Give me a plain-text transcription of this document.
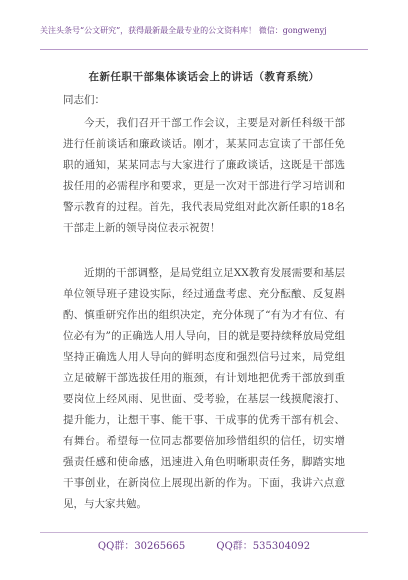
关注头条号“公文研究”，获得最新最全最专业的公文资料库！ 微信：gongwenyj
在新任职干部集体谈话会上的讲话（教育系统）
同志们：
今天，我们召开干部工作会议，主要是对新任科级干部进行任前谈话和廉政谈话。刚才，某某同志宣读了干部任免职的通知，某某同志与大家进行了廉政谈话，这既是干部选拔任用的必需程序和要求，更是一次对干部进行学习培训和警示教育的过程。首先，我代表局党组对此次新任职的18名干部走上新的领导岗位表示祝贺！
近期的干部调整，是局党组立足XX教育发展需要和基层单位领导班子建设实际，经过通盘考虑、充分酝酿、反复斟酌、慎重研究作出的组织决定，充分体现了“有为才有位、有位必有为”的正确选人用人导向，目的就是要持续释放局党组坚持正确选人用人导向的鲜明态度和强烈信号过来，局党组立足破解干部选拔任用的瓶颈，有计划地把优秀干部放到重要岗位上经风雨、见世面、受考验，在基层一线摸爬滚打、提升能力，让想干事、能干事、干成事的优秀干部有机会、有舞台。希望每一位同志都要倍加珍惜组织的信任，切实增强责任感和使命感，迅速进入角色明晰职责任务，脚踏实地干事创业，在新岗位上展现出新的作为。下面，我讲六点意见，与大家共勉。
QQ群：30265665	QQ群：535304092
